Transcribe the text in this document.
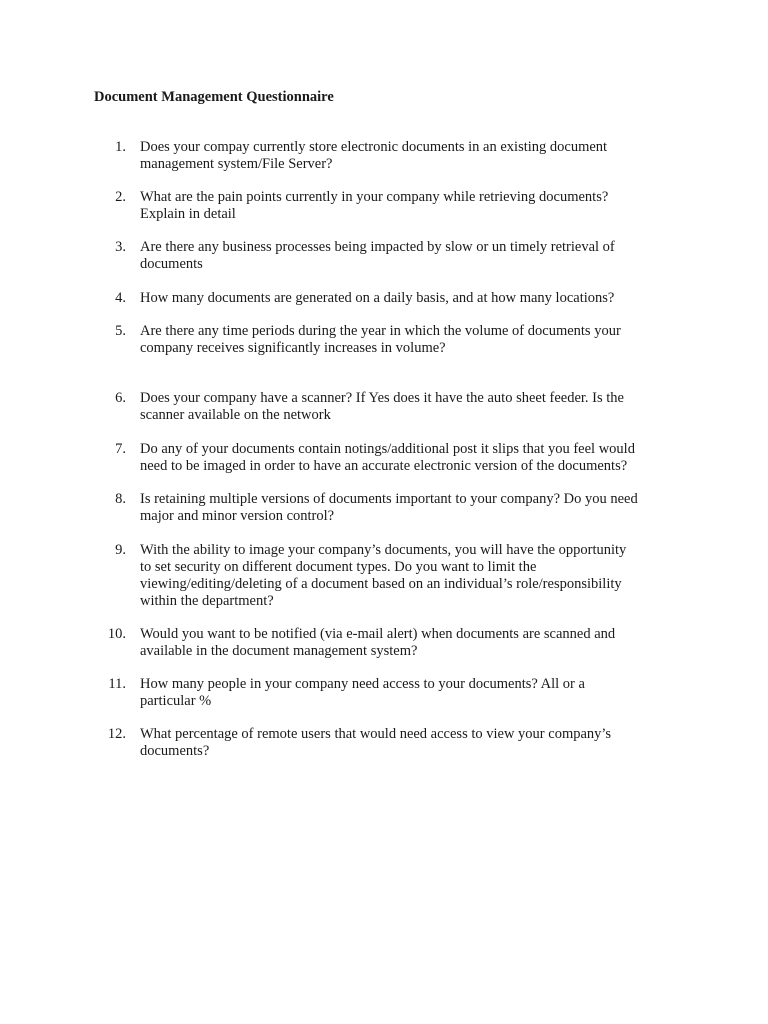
Document Management Questionnaire
1. Does your compay currently store electronic documents in an existing document
management system/File Server?
2. What are the pain points currently in your company while retrieving documents?
Explain in detail
3. Are there any business processes being impacted by slow or un timely retrieval of
documents
4. How many documents are generated on a daily basis, and at how many locations?
5. Are there any time periods during the year in which the volume of documents your
company receives significantly increases in volume?
6. Does your company have a scanner? If Yes does it have the auto sheet feeder. Is the
scanner available on the network
7. Do any of your documents contain notings/additional post it slips that you feel would
need to be imaged in order to have an accurate electronic version of the documents?
8. Is retaining multiple versions of documents important to your company? Do you need
major and minor version control?
9. With the ability to image your company’s documents, you will have the opportunity
to set security on different document types. Do you want to limit the
viewing/editing/deleting of a document based on an individual’s role/responsibility
within the department?
10. Would you want to be notified (via e-mail alert) when documents are scanned and
available in the document management system?
11. How many people in your company need access to your documents? All or a
particular %
12. What percentage of remote users that would need access to view your company’s
documents?
